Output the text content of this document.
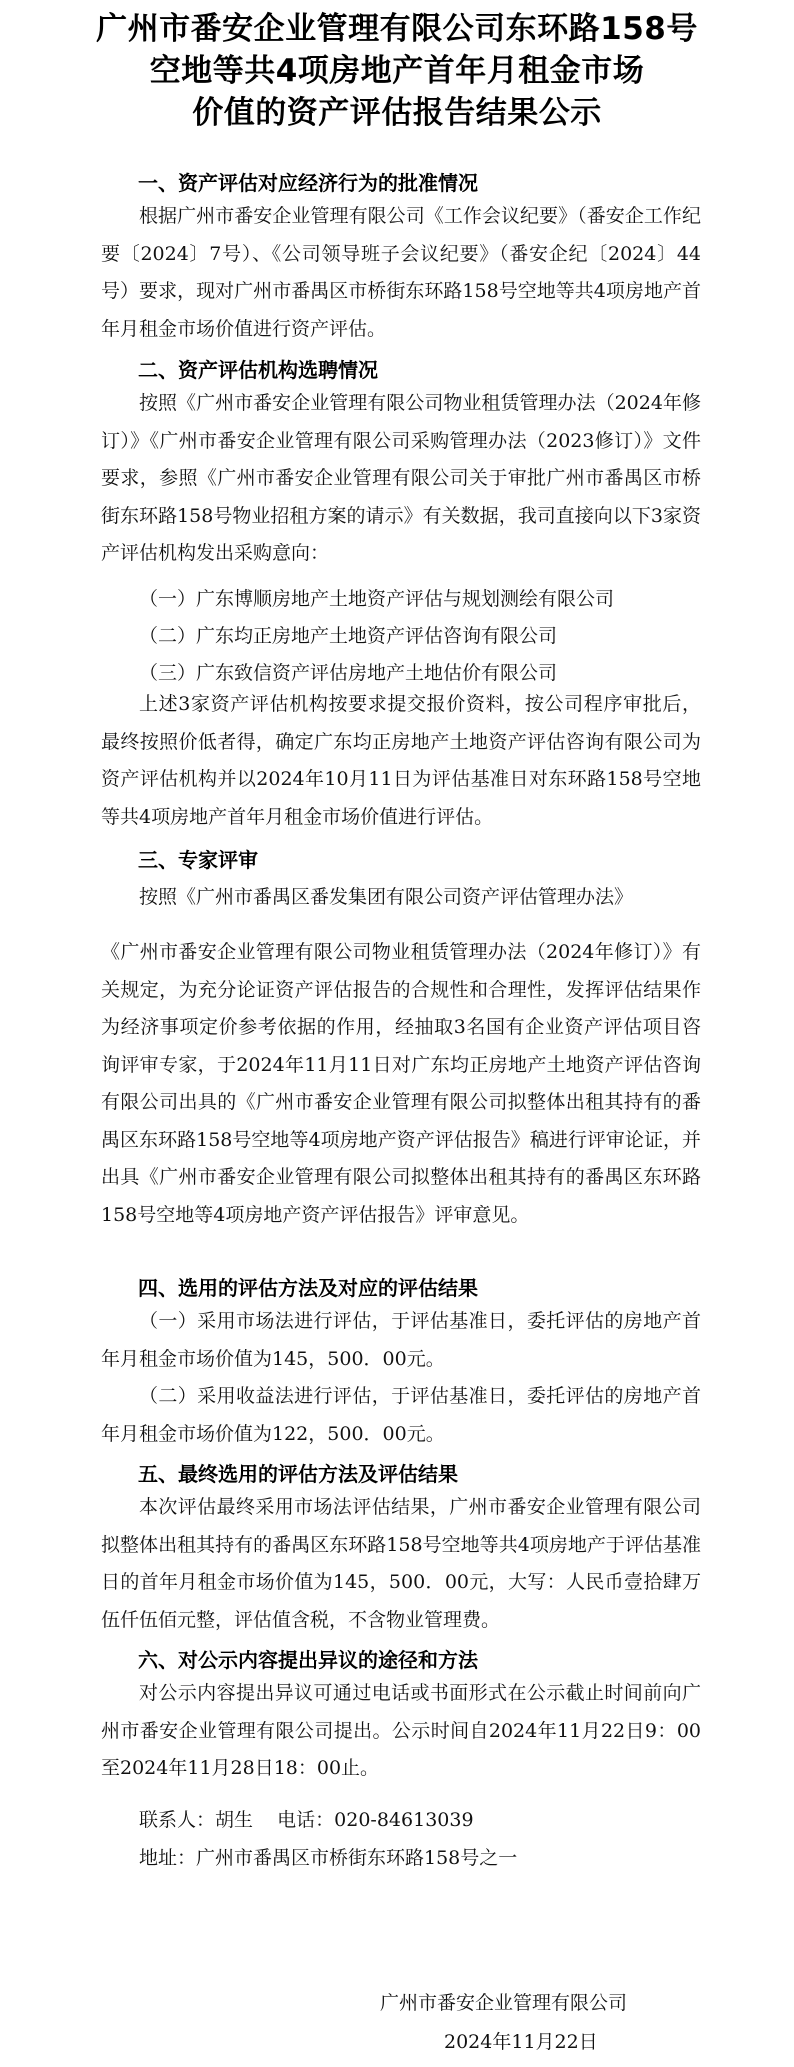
广州市番安企业管理有限公司东环路158号
空地等共4项房地产首年月租金市场
价值的资产评估报告结果公示
一、资产评估对应经济行为的批准情况

根据广州市番安企业管理有限公司《工作会议纪要》（番安企工作纪要〔2024〕7号）、《公司领导班子会议纪要》（番安企纪〔2024〕44号）要求，现对广州市番禺区市桥街东环路158号空地等共4项房地产首年月租金市场价值进行资产评估。

二、资产评估机构选聘情况

按照《广州市番安企业管理有限公司物业租赁管理办法（2024年修订）》《广州市番安企业管理有限公司采购管理办法（2023修订）》文件要求，参照《广州市番安企业管理有限公司关于审批广州市番禺区市桥街东环路158号物业招租方案的请示》有关数据，我司直接向以下3家资产评估机构发出采购意向：

（一）广东博顺房地产土地资产评估与规划测绘有限公司
（二）广东均正房地产土地资产评估咨询有限公司
（三）广东致信资产评估房地产土地估价有限公司

上述3家资产评估机构按要求提交报价资料，按公司程序审批后，最终按照价低者得，确定广东均正房地产土地资产评估咨询有限公司为资产评估机构并以2024年10月11日为评估基准日对东环路158号空地等共4项房地产首年月租金市场价值进行评估。

三、专家评审
按照《广州市番禺区番发集团有限公司资产评估管理办法》

《广州市番安企业管理有限公司物业租赁管理办法（2024年修订）》有关规定，为充分论证资产评估报告的合规性和合理性，发挥评估结果作为经济事项定价参考依据的作用，经抽取3名国有企业资产评估项目咨询评审专家，于2024年11月11日对广东均正房地产土地资产评估咨询有限公司出具的《广州市番安企业管理有限公司拟整体出租其持有的番禺区东环路158号空地等4项房地产资产评估报告》稿进行评审论证，并出具《广州市番安企业管理有限公司拟整体出租其持有的番禺区东环路158号空地等4项房地产资产评估报告》评审意见。

四、选用的评估方法及对应的评估结果

（一）采用市场法进行评估，于评估基准日，委托评估的房地产首年月租金市场价值为145，500．00元。

（二）采用收益法进行评估，于评估基准日，委托评估的房地产首年月租金市场价值为122，500．00元。

五、最终选用的评估方法及评估结果

本次评估最终采用市场法评估结果，广州市番安企业管理有限公司拟整体出租其持有的番禺区东环路158号空地等共4项房地产于评估基准日的首年月租金市场价值为145，500．00元，大写：人民币壹拾肆万伍仟伍佰元整，评估值含税，不含物业管理费。

六、对公示内容提出异议的途径和方法

对公示内容提出异议可通过电话或书面形式在公示截止时间前向广州市番安企业管理有限公司提出。公示时间自2024年11月22日9：00至2024年11月28日18：00止。

联系人：胡生    电话：020-84613039
地址：广州市番禺区市桥街东环路158号之一
广州市番安企业管理有限公司
2024年11月22日
